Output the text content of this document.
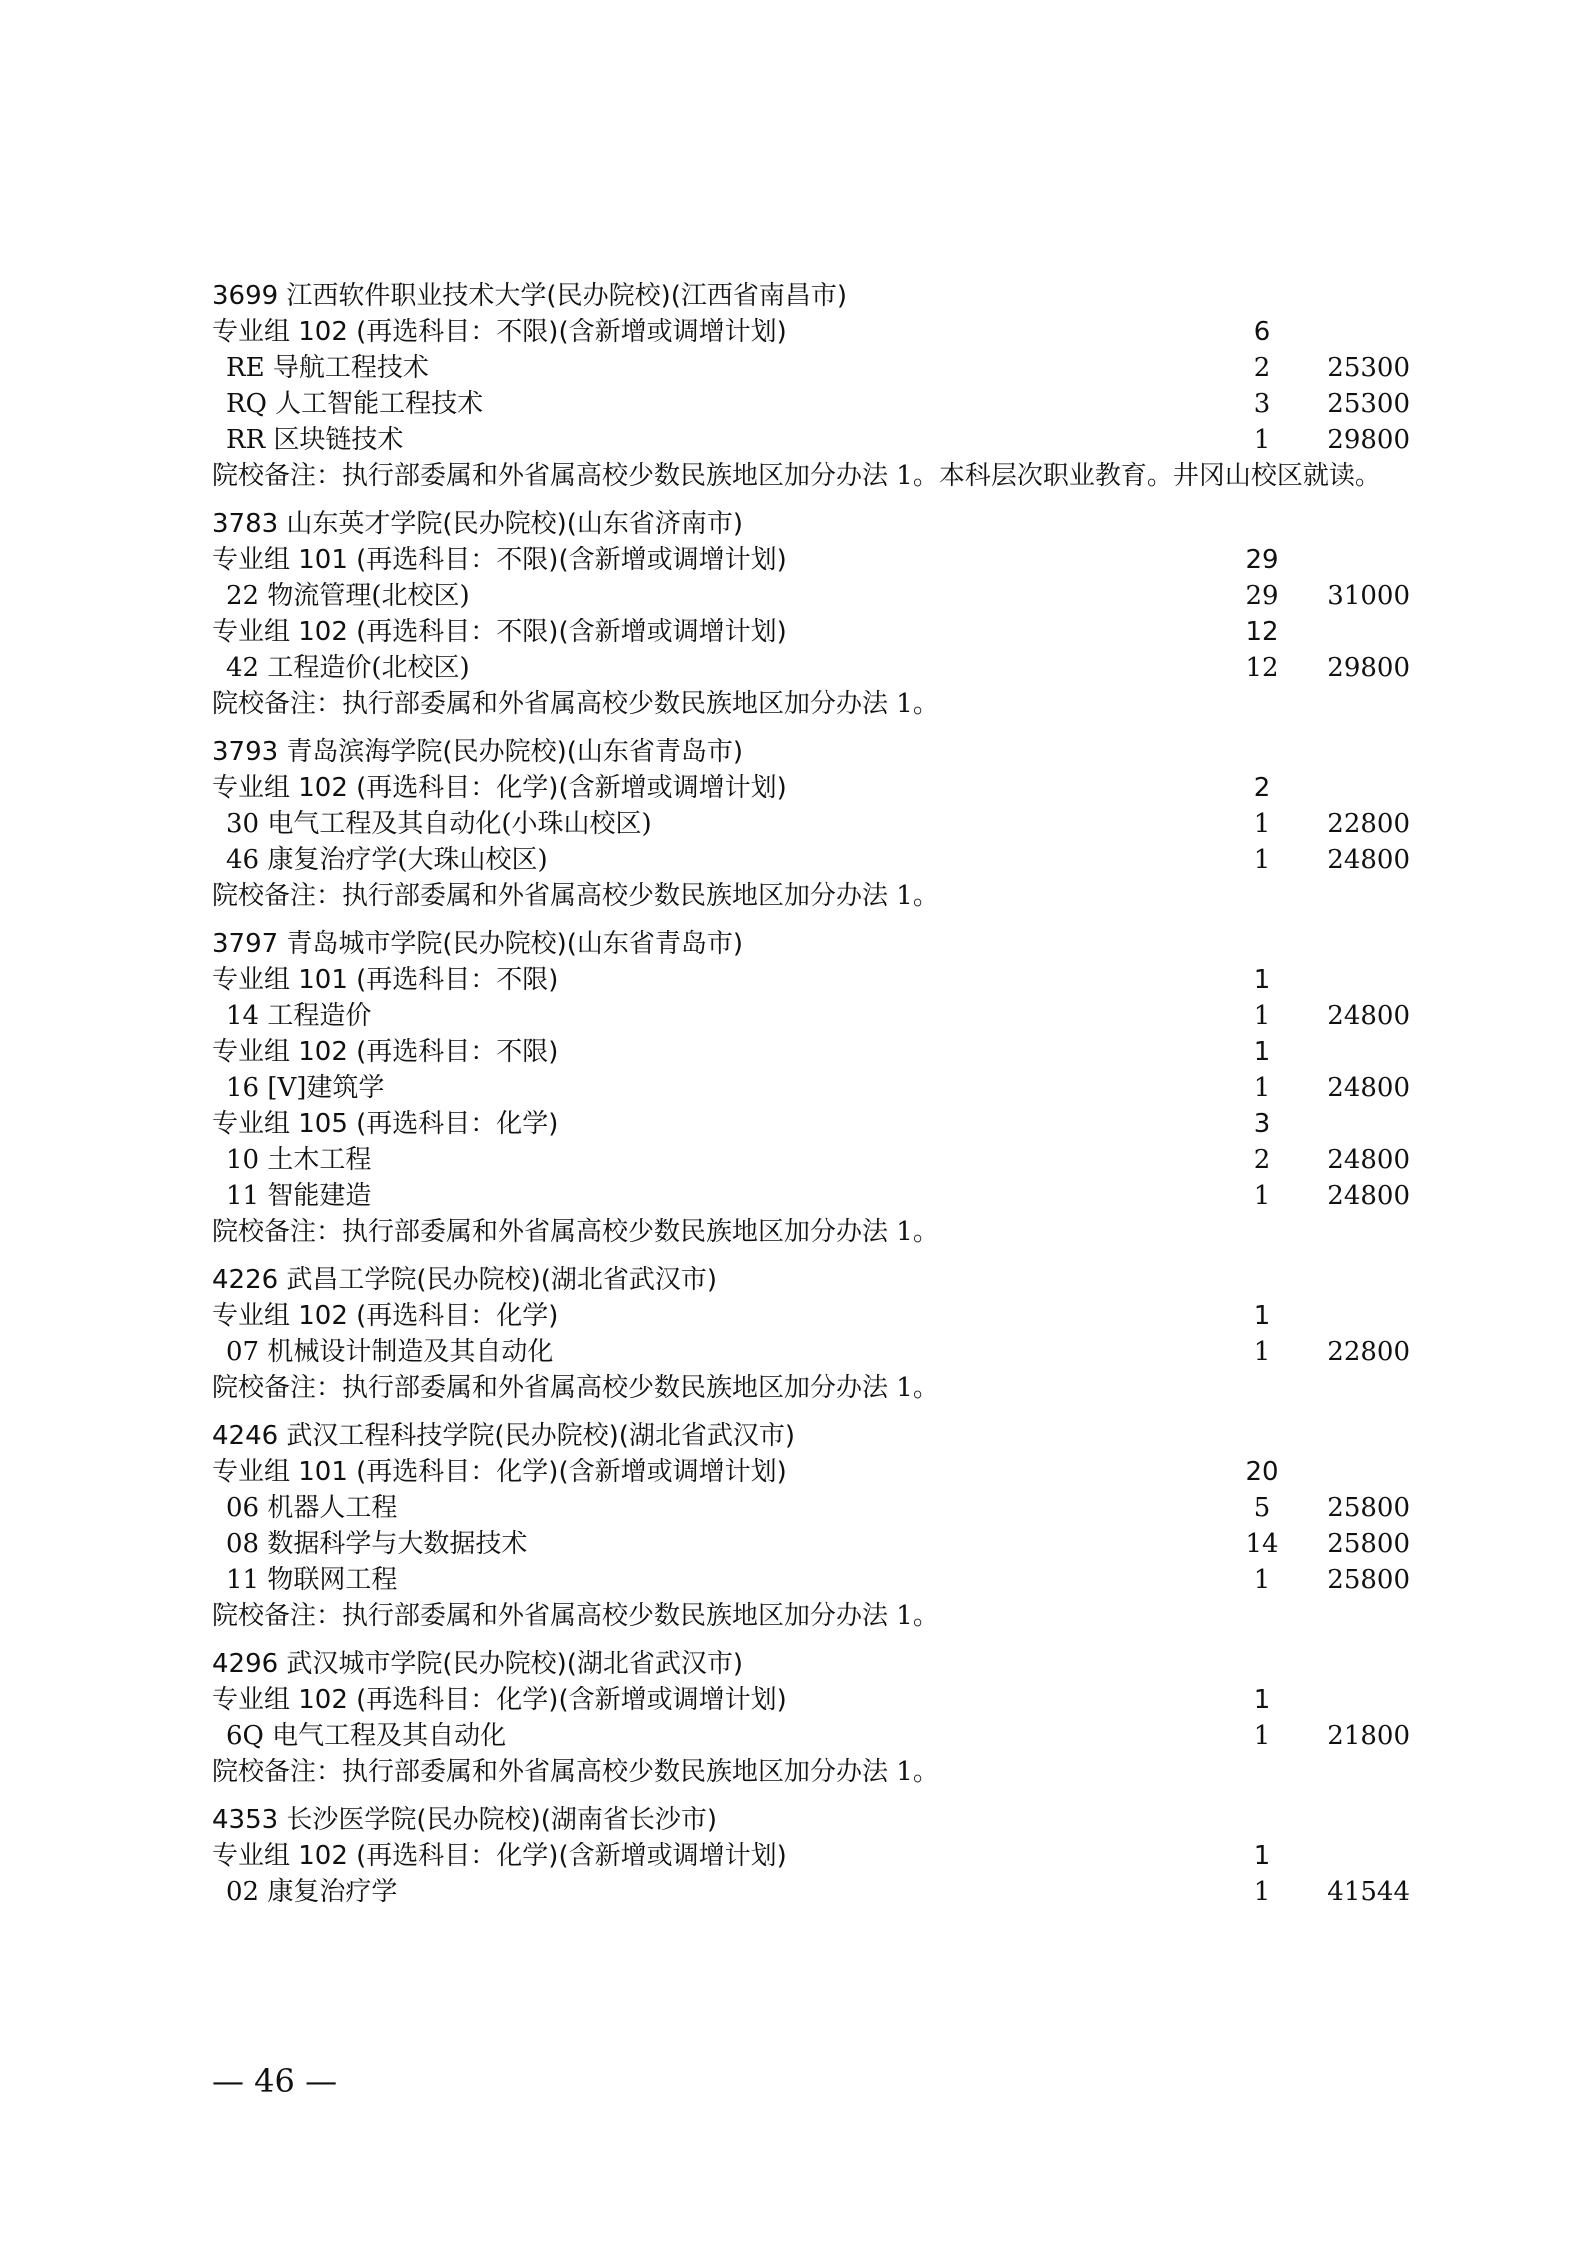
3699 江西软件职业技术大学(民办院校)(江西省南昌市)
专业组 102 (再选科目：不限)(含新增或调增计划)	6
RE 导航工程技术	2	25300
RQ 人工智能工程技术	3	25300
RR 区块链技术	1	29800
院校备注：执行部委属和外省属高校少数民族地区加分办法 1。本科层次职业教育。井冈山校区就读。
3783 山东英才学院(民办院校)(山东省济南市)
专业组 101 (再选科目：不限)(含新增或调增计划)	29
22 物流管理(北校区)	29	31000
专业组 102 (再选科目：不限)(含新增或调增计划)	12
42 工程造价(北校区)	12	29800
院校备注：执行部委属和外省属高校少数民族地区加分办法 1。
3793 青岛滨海学院(民办院校)(山东省青岛市)
专业组 102 (再选科目：化学)(含新增或调增计划)	2
30 电气工程及其自动化(小珠山校区)	1	22800
46 康复治疗学(大珠山校区)	1	24800
院校备注：执行部委属和外省属高校少数民族地区加分办法 1。
3797 青岛城市学院(民办院校)(山东省青岛市)
专业组 101 (再选科目：不限)	1
14 工程造价	1	24800
专业组 102 (再选科目：不限)	1
16 [V]建筑学	1	24800
专业组 105 (再选科目：化学)	3
10 土木工程	2	24800
11 智能建造	1	24800
院校备注：执行部委属和外省属高校少数民族地区加分办法 1。
4226 武昌工学院(民办院校)(湖北省武汉市)
专业组 102 (再选科目：化学)	1
07 机械设计制造及其自动化	1	22800
院校备注：执行部委属和外省属高校少数民族地区加分办法 1。
4246 武汉工程科技学院(民办院校)(湖北省武汉市)
专业组 101 (再选科目：化学)(含新增或调增计划)	20
06 机器人工程	5	25800
08 数据科学与大数据技术	14	25800
11 物联网工程	1	25800
院校备注：执行部委属和外省属高校少数民族地区加分办法 1。
4296 武汉城市学院(民办院校)(湖北省武汉市)
专业组 102 (再选科目：化学)(含新增或调增计划)	1
6Q 电气工程及其自动化	1	21800
院校备注：执行部委属和外省属高校少数民族地区加分办法 1。
4353 长沙医学院(民办院校)(湖南省长沙市)
专业组 102 (再选科目：化学)(含新增或调增计划)	1
02 康复治疗学	1	41544
— 46 —
